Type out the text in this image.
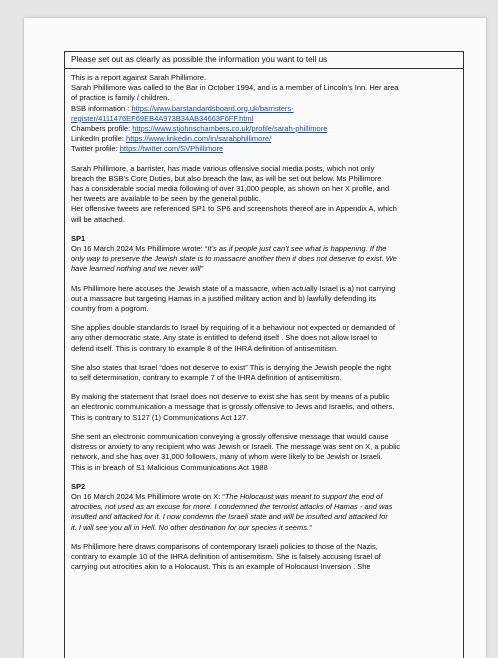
Please set out as clearly as possible the information you want to tell us
This is a report against Sarah Phillimore.
Sarah Phillimore was called to the Bar in October 1994, and is a member of Lincoln’s Inn. Her area
of practice is family / children.
BSB information : https://www.barstandardsboard.org.uk/barristers-
register/4111476EF69EB4A973B34AB34663F6FF.html
Chambers profile: https://www.stjohnschambers.co.uk/profile/sarah-phillimore
LinkedIn profile: https://www.linkedin.com/in/sarahphillimore/
Twitter profile: https://twitter.com/SVPhillimore
Sarah Phillimore, a barrister, has made various offensive social media posts, which not only
breach the BSB’s Core Duties, but also breach the law, as will be set out below. Ms Phillimore
has a considerable social media following of over 31,000 people, as shown on her X profile, and
her tweets are available to be seen by the general public.
Her offensive tweets are referenced SP1 to SP6 and screenshots thereof are in Appendix A, which
will be attached.
SP1
On 16 March 2024 Ms Phillimore wrote: “It’s as if people just can’t see what is happening. If the
only way to preserve the Jewish state is to massacre another then it does not deserve to exist. We
have learned nothing and we never will”
Ms Phillimore here accuses the Jewish state of a massacre, when actually Israel is a) not carrying
out a massacre but targeting Hamas in a justified military action and b) lawfully defending its
country from a pogrom.
She applies double standards to Israel by requiring of it a behaviour not expected or demanded of
any other democratic state. Any state is entitled to defend itself . She does not allow Israel to
defend itself. This is contrary to example 8 of the IHRA definition of antisemitism.
She also states that Israel “does not deserve to exist” This is denying the Jewish people the right
to self determination, contrary to example 7 of the IHRA definition of antisemitism.
By making the statement that Israel does not deserve to exist she has sent by means of a public
an electronic communication a message that is grossly offensive to Jews and Israelis, and others.
This is contrary to S127 (1) Communications Act 127.
She sent an electronic communication conveying a grossly offensive message that would cause
distress or anxiety to any recipient who was Jewish or Israeli. The message was sent on X, a public
network, and she has over 31,000 followers, many of whom were likely to be Jewish or Israeli.
This is in breach of S1 Malicious Communications Act 1988
SP2
On 16 March 2024 Ms Phillimore wrote on X: “The Holocaust was meant to support the end of
atrocities, not used as an excuse for more. I condemned the terrorist attacks of Hamas - and was
insulted and attacked for it. I now condemn the Israeli state and will be insulted and attacked for
it. I will see you all in Hell. No other destination for our species it seems.”
Ms Phillimore here draws comparisons of contemporary Israeli policies to those of the Nazis,
contrary to example 10 of the IHRA definition of antisemitism. She is falsely accusing Israel of
carrying out atrocities akin to a Holocaust. This is an example of Holocaust Inversion . She
